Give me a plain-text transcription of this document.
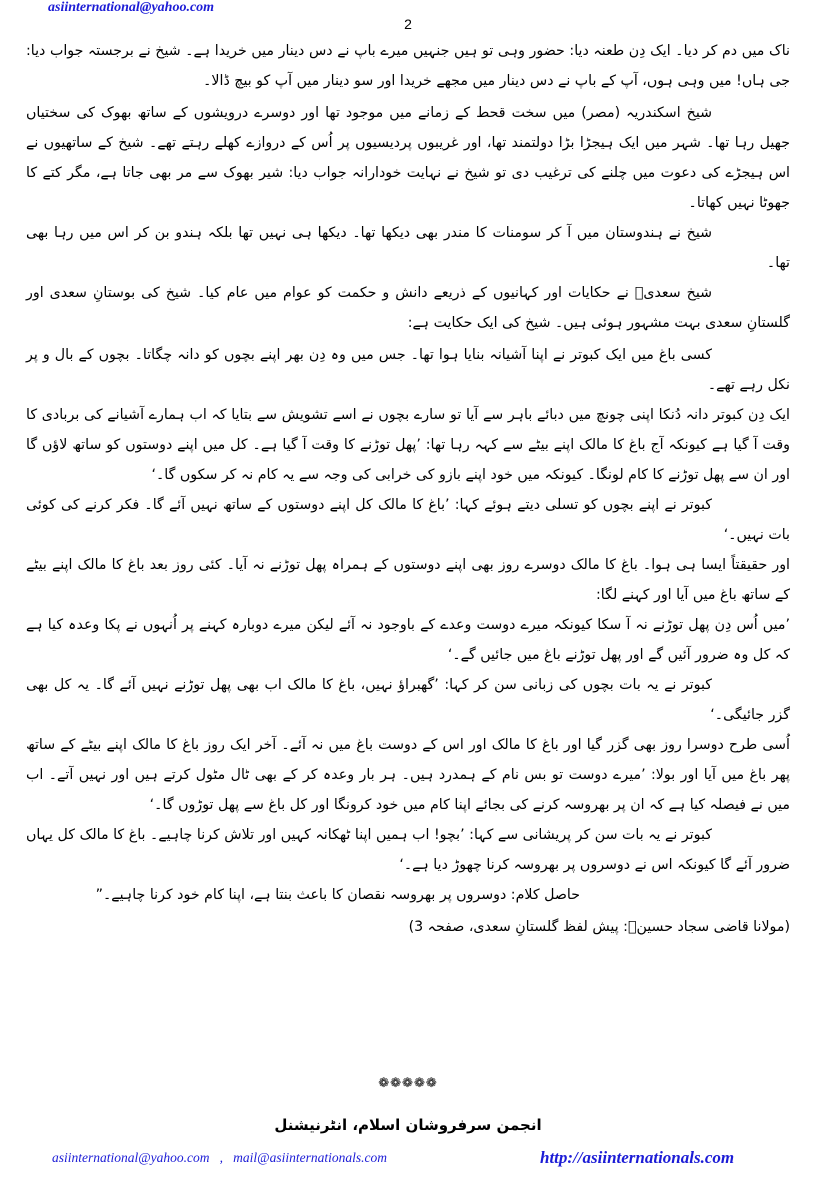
asiinternational@yahoo.com
2

ناک میں دم کر دیا۔ ایک دِن طعنہ دیا: حضور وہی تو ہیں جنہیں میرے باپ نے دس دینار میں خریدا ہے۔ شیخ نے برجستہ جواب دیا: جی ہاں! میں وہی ہوں، آپ کے باپ نے دس دینار میں مجھے خریدا اور سو دینار میں آپ کو بیچ ڈالا۔

شیخ اسکندریہ (مصر) میں سخت قحط کے زمانے میں موجود تھا اور دوسرے درویشوں کے ساتھ بھوک کی سختیاں جھیل رہا تھا۔ شہر میں ایک ہیجڑا بڑا دولتمند تھا، اور غریبوں پردیسیوں پر اُس کے دروازے کھلے رہتے تھے۔ شیخ کے ساتھیوں نے اس ہیجڑے کی دعوت میں چلنے کی ترغیب دی تو شیخ نے نہایت خودارانہ جواب دیا: شیر بھوک سے مر بھی جاتا ہے، مگر کتے کا جھوٹا نہیں کھاتا۔

شیخ نے ہندوستان میں آ کر سومنات کا مندر بھی دیکھا تھا۔ دیکھا ہی نہیں تھا بلکہ ہندو بن کر اس میں رہا بھی تھا۔

شیخ سعدیؔ نے حکایات اور کہانیوں کے ذریعے دانش و حکمت کو عوام میں عام کیا۔ شیخ کی بوستانِ سعدی اور گلستانِ سعدی بہت مشہور ہوئی ہیں۔ شیخ کی ایک حکایت ہے:

کسی باغ میں ایک کبوتر نے اپنا آشیانہ بنایا ہوا تھا۔ جس میں وہ دِن بھر اپنے بچوں کو دانہ چگاتا۔ بچوں کے بال و پر نکل رہے تھے۔

ایک دِن کبوتر دانہ دُنکا اپنی چونچ میں دبائے باہر سے آیا تو سارے بچوں نے اسے تشویش سے بتایا کہ اب ہمارے آشیانے کی بربادی کا وقت آ گیا ہے کیونکہ آج باغ کا مالک اپنے بیٹے سے کہہ رہا تھا: ’پھل توڑنے کا وقت آ گیا ہے۔ کل میں اپنے دوستوں کو ساتھ لاؤں گا اور ان سے پھل توڑنے کا کام لونگا۔ کیونکہ میں خود اپنے بازو کی خرابی کی وجہ سے یہ کام نہ کر سکوں گا۔‘

کبوتر نے اپنے بچوں کو تسلی دیتے ہوئے کہا: ’باغ کا مالک کل اپنے دوستوں کے ساتھ نہیں آئے گا۔ فکر کرنے کی کوئی بات نہیں۔‘

اور حقیقتاً ایسا ہی ہوا۔ باغ کا مالک دوسرے روز بھی اپنے دوستوں کے ہمراہ پھل توڑنے نہ آیا۔ کئی روز بعد باغ کا مالک اپنے بیٹے کے ساتھ باغ میں آیا اور کہنے لگا:

’میں اُس دِن پھل توڑنے نہ آ سکا کیونکہ میرے دوست وعدے کے باوجود نہ آئے لیکن میرے دوبارہ کہنے پر اُنہوں نے پکا وعدہ کیا ہے کہ کل وہ ضرور آئیں گے اور پھل توڑنے باغ میں جائیں گے۔‘

کبوتر نے یہ بات بچوں کی زبانی سن کر کہا: ’گھبراؤ نہیں، باغ کا مالک اب بھی پھل توڑنے نہیں آئے گا۔ یہ کل بھی گزر جائیگی۔‘

اُسی طرح دوسرا روز بھی گزر گیا اور باغ کا مالک اور اس کے دوست باغ میں نہ آئے۔ آخر ایک روز باغ کا مالک اپنے بیٹے کے ساتھ پھر باغ میں آیا اور بولا: ’میرے دوست تو بس نام کے ہمدرد ہیں۔ ہر بار وعدہ کر کے بھی ٹال مٹول کرتے ہیں اور نہیں آتے۔ اب میں نے فیصلہ کیا ہے کہ ان پر بھروسہ کرنے کی بجائے اپنا کام میں خود کرونگا اور کل باغ سے پھل توڑوں گا۔‘

کبوتر نے یہ بات سن کر پریشانی سے کہا: ’بچو! اب ہمیں اپنا ٹھکانہ کہیں اور تلاش کرنا چاہیے۔ باغ کا مالک کل یہاں ضرور آئے گا کیونکہ اس نے دوسروں پر بھروسہ کرنا چھوڑ دیا ہے۔‘

حاصل کلام: دوسروں پر بھروسہ نقصان کا باعث بنتا ہے، اپنا کام خود کرنا چاہیے۔”

(مولانا قاضی سجاد حسینؒ: پیش لفظ گلستانِ سعدی، صفحہ 3)

❁❁❁❁❁
انجمن سرفروشان اسلام، انٹرنیشنل
asiinternational@yahoo.com   ,   mail@asiinternationals.com	http://asiinternationals.com
